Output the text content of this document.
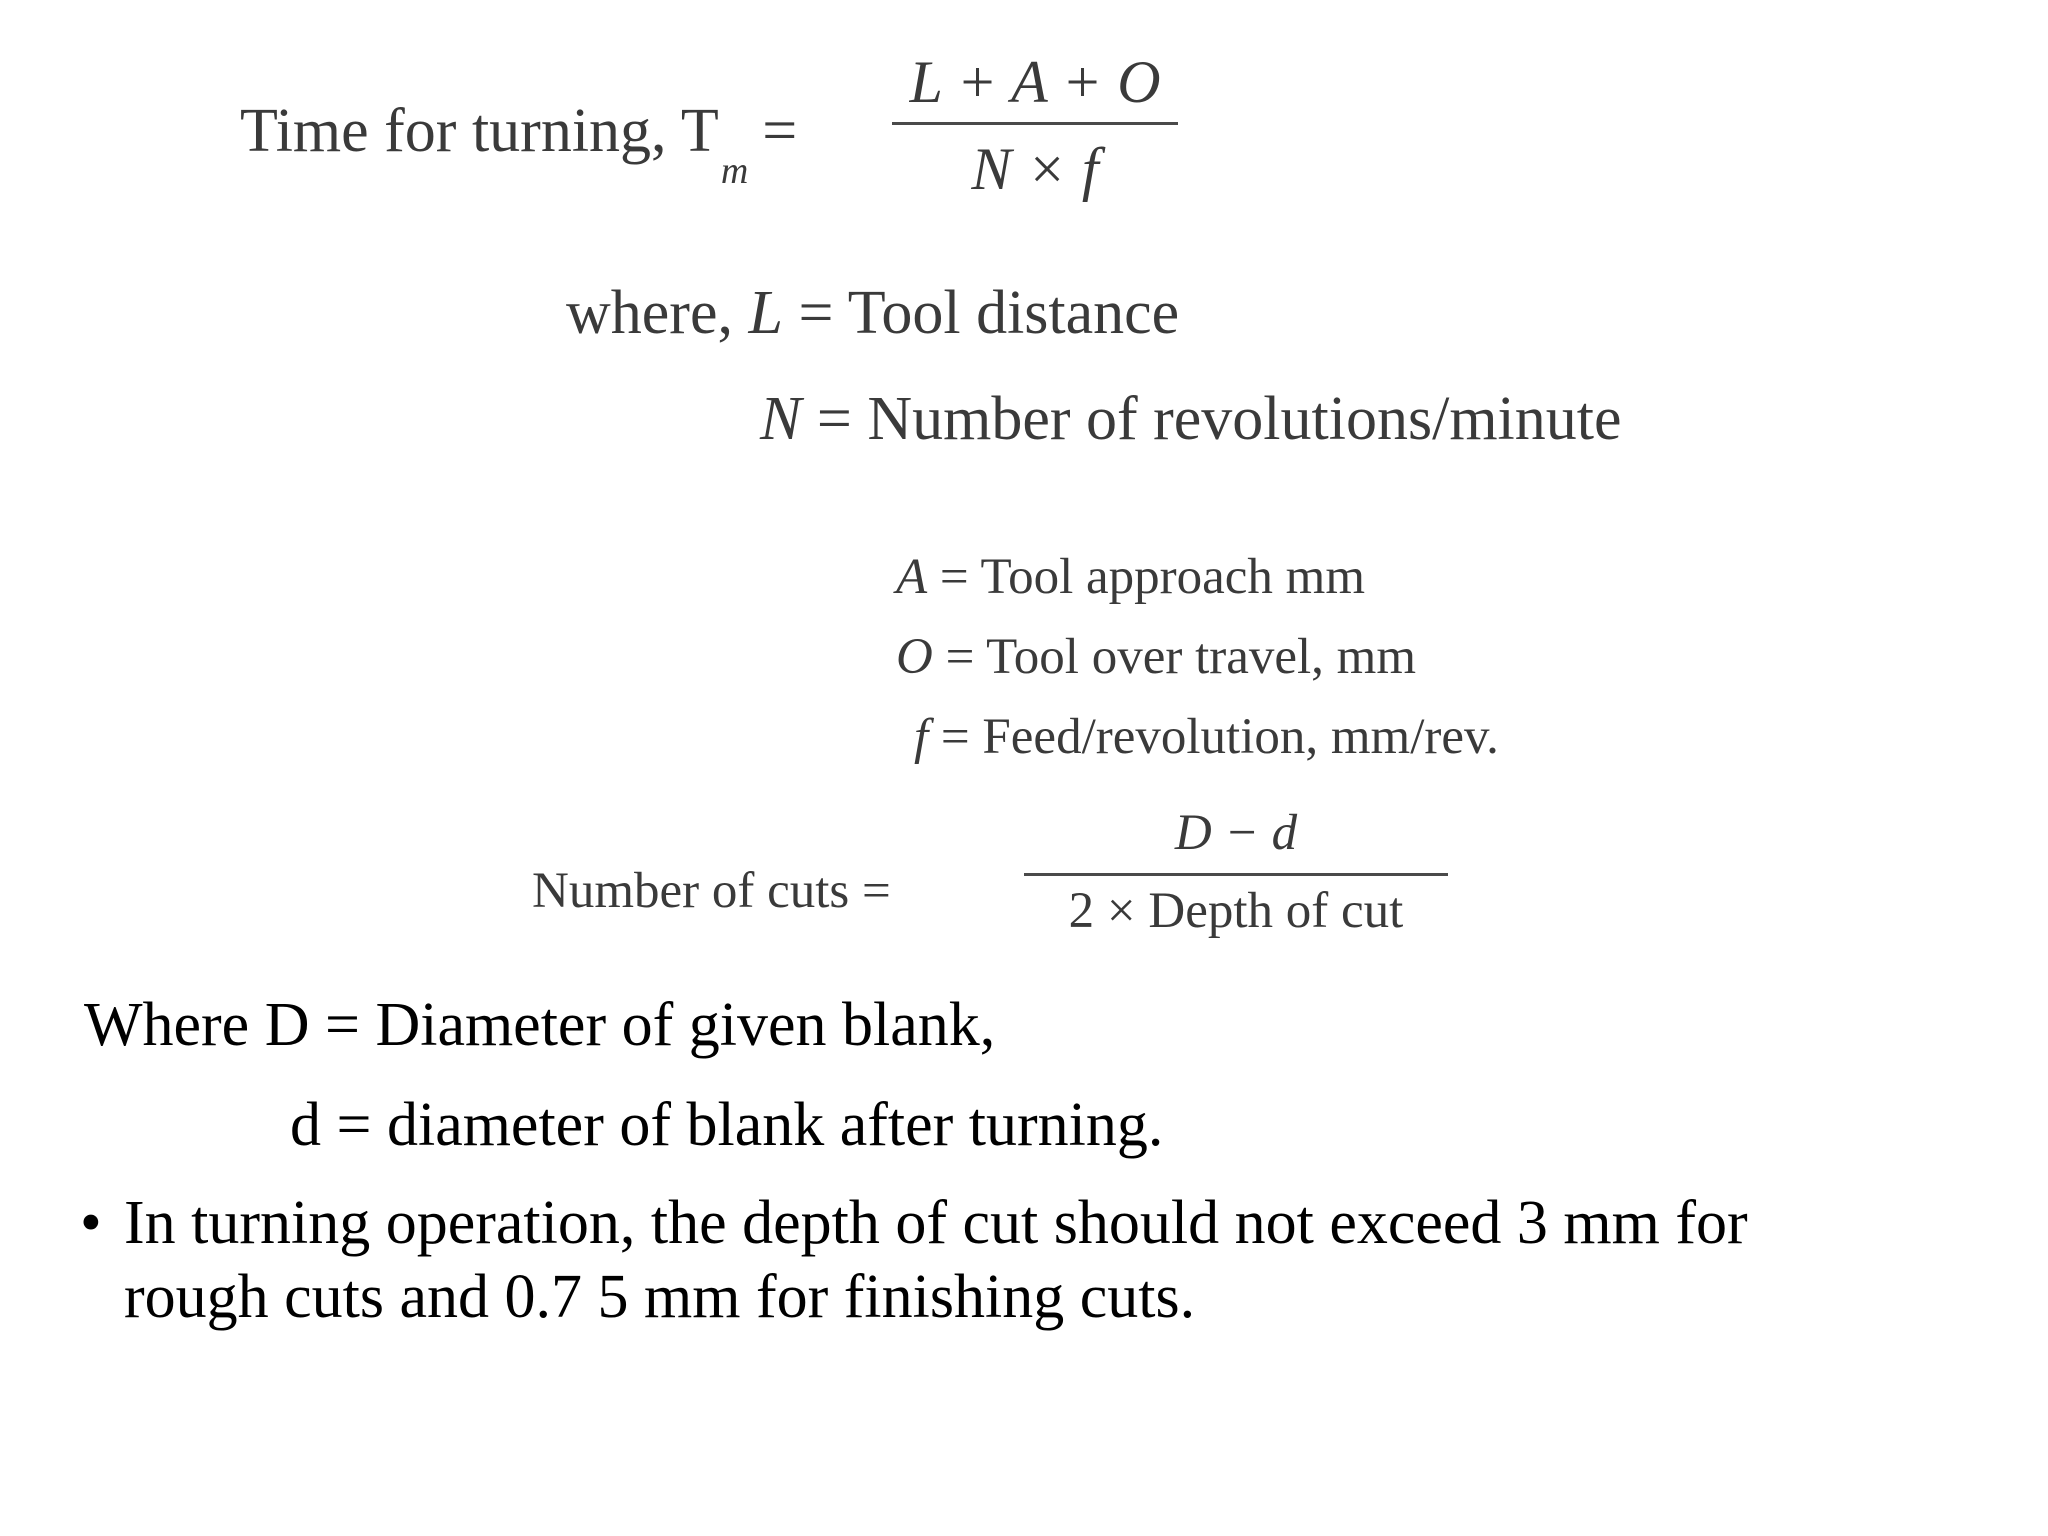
Time for turning, $T_m=$
L + A + O
N × f
where, L = Tool distance
N = Number of revolutions/minute
A = Tool approach mm
O = Tool over travel, mm
f = Feed/revolution, mm/rev.
Number of cuts =
D − d
2 × Depth of cut
Where D = Diameter of given blank,
d = diameter of blank after turning.
• In turning operation, the depth of cut should not exceed 3 mm for
rough cuts and 0.7 5 mm for finishing cuts.
